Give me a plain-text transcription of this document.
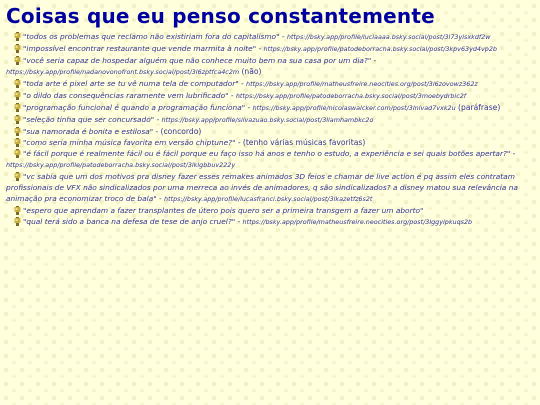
Coisas que eu penso constantemente
"todos os problemas que reclamo não existiriam fora do capitalismo" - https://bsky.app/profile/luciaaaa.bsky.social/post/3l73yisxkdf2w
"impossível encontrar restaurante que vende marmita à noite" - https://bsky.app/profile/patodeborracha.bsky.social/post/3kpv63yd4vp2b
"você seria capaz de hospedar alguém que não conhece muito bem na sua casa por um dia?" - https://bsky.app/profile/nadanovonofront.bsky.social/post/3l6zptfca4c2m (não)
"toda arte é pixel arte se tu vê numa tela de computador" - https://bsky.app/profile/matheusfreire.neocities.org/post/3l6zovowz362z
"o dildo das consequências raramente vem lubrificado" - https://bsky.app/profile/patodeborracha.bsky.social/post/3moebydrbic2f
"programação funcional é quando a programação funciona" - https://bsky.app/profile/nicolaswalcker.com/post/3lnlvad7vxk2u (paráfrase)
"seleção tinha que ser concursado" - https://bsky.app/profile/silvazuao.bsky.social/post/3llamhambkc2o
"sua namorada é bonita e estilosa" - (concordo)
"como seria minha música favorita em versão chiptune?" - (tenho várias músicas favoritas)
"é fácil porque é realmente fácil ou é fácil porque eu faço isso há anos e tenho o estudo, a experiência e sei quais botões apertar?" - https://bsky.app/profile/patodeborracha.bsky.social/post/3lklgbbuv222y
"vc sabia que um dos motivos pra disney fazer esses remakes animados 3D feios e chamar de live action é pq assim eles contratam profissionais de VFX não sindicalizados por uma merreca ao invés de animadores, q são sindicalizados? a disney matou sua relevância na animação pra economizar troco de bala" - https://bsky.app/profile/lucasfranci.bsky.social/post/3lkazetfz6s2t
"espero que aprendam a fazer transplantes de útero pois quero ser a primeira transgem a fazer um aborto"
"qual terá sido a banca na defesa de tese de anjo cruel?" - https://bsky.app/profile/matheusfreire.neocities.org/post/3lggyipkuqs2b
